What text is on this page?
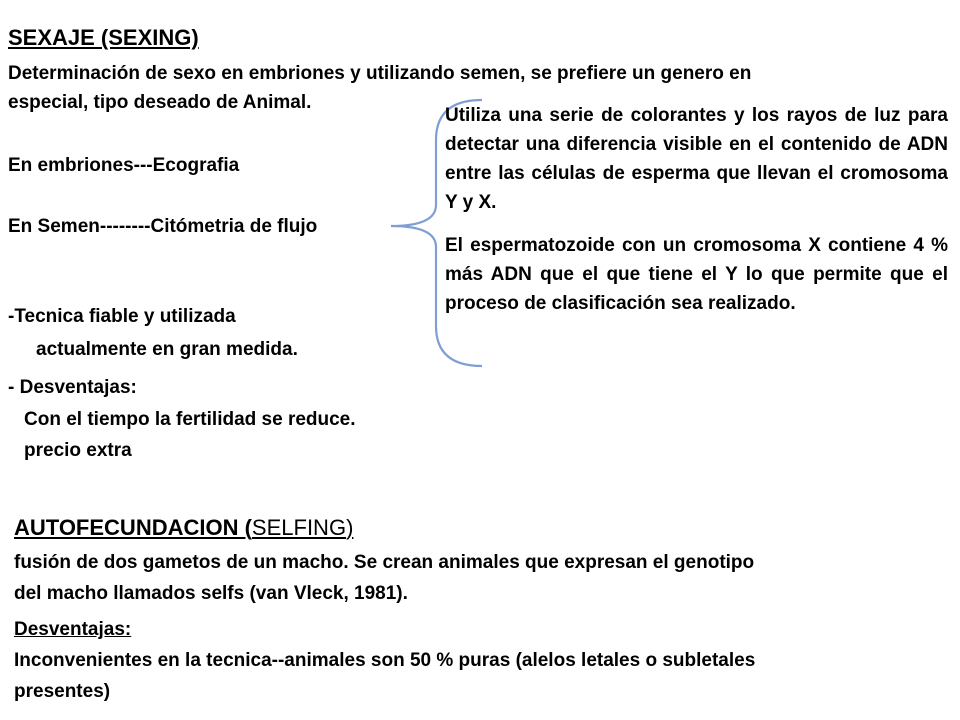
SEXAJE (SEXING)
Determinación de sexo en embriones y utilizando semen, se prefiere un genero en
especial, tipo deseado de Animal.
En embriones---Ecografia
En Semen--------Citómetria de flujo
-Tecnica fiable y utilizada
actualmente en gran medida.
- Desventajas:
Con el tiempo la fertilidad se reduce.
precio extra
Utiliza una serie de colorantes y los rayos de luz para detectar una diferencia visible en el contenido de ADN entre las células de esperma que llevan el cromosoma Y y X.
El espermatozoide con un cromosoma X contiene 4 % más ADN que el que tiene el Y lo que permite que el proceso de clasificación sea realizado.
AUTOFECUNDACION (SELFING)
fusión de dos gametos de un macho. Se crean animales que expresan el genotipo
del macho llamados selfs (van Vleck, 1981).
Desventajas:
Inconvenientes en la tecnica--animales son 50 % puras (alelos letales o subletales
presentes)
